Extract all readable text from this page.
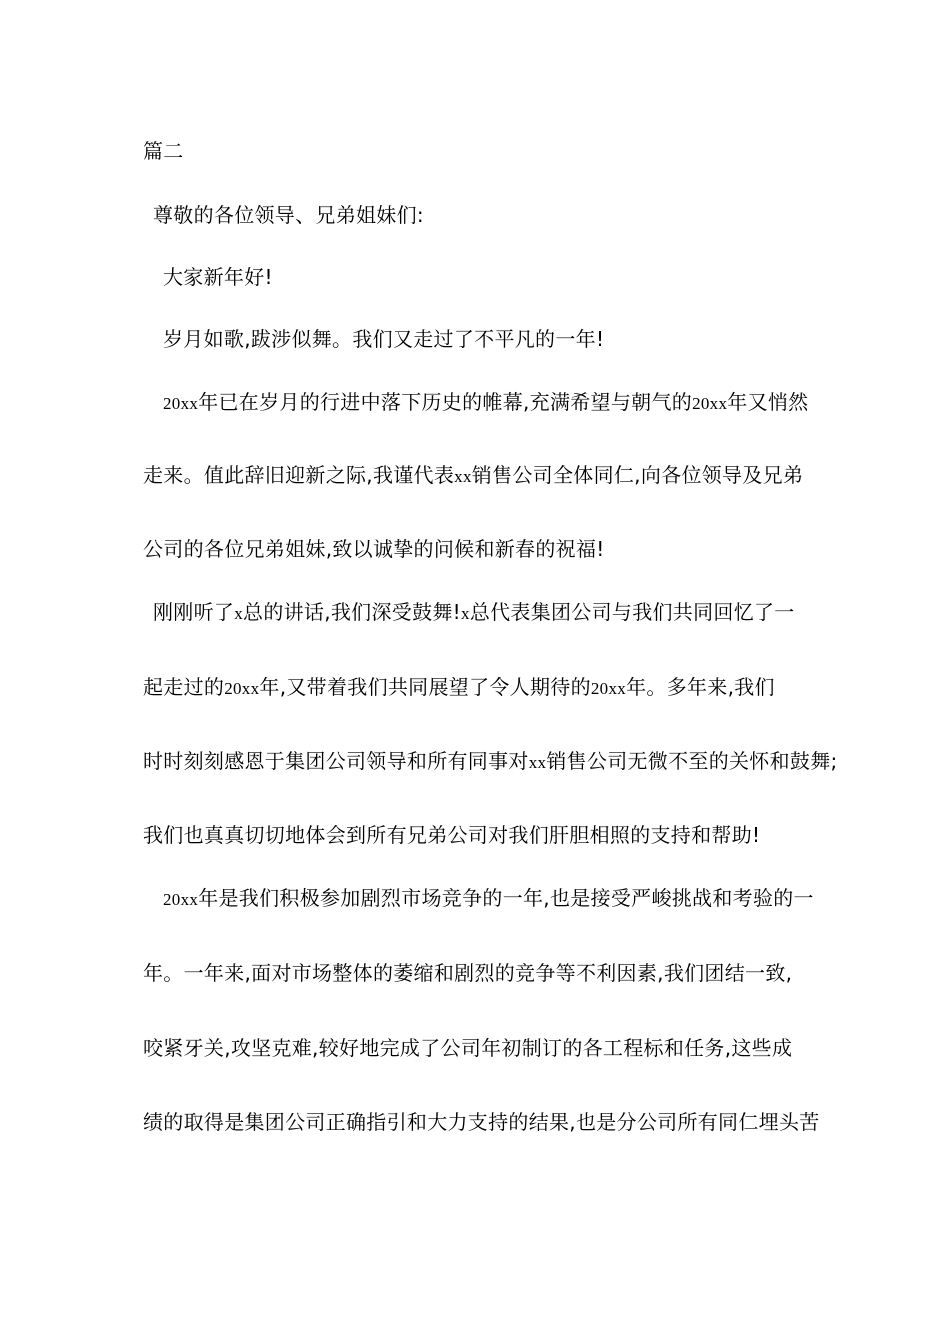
篇二
尊敬的各位领导、兄弟姐妹们:
大家新年好!
岁月如歌,跋涉似舞。我们又走过了不平凡的一年!
20xx年已在岁月的行进中落下历史的帷幕,充满希望与朝气的20xx年又悄然
走来。值此辞旧迎新之际,我谨代表xx销售公司全体同仁,向各位领导及兄弟
公司的各位兄弟姐妹,致以诚挚的问候和新春的祝福!
刚刚听了x总的讲话,我们深受鼓舞!x总代表集团公司与我们共同回忆了一
起走过的20xx年,又带着我们共同展望了令人期待的20xx年。多年来,我们
时时刻刻感恩于集团公司领导和所有同事对xx销售公司无微不至的关怀和鼓舞;
我们也真真切切地体会到所有兄弟公司对我们肝胆相照的支持和帮助!
20xx年是我们积极参加剧烈市场竞争的一年,也是接受严峻挑战和考验的一
年。一年来,面对市场整体的萎缩和剧烈的竞争等不利因素,我们团结一致,
咬紧牙关,攻坚克难,较好地完成了公司年初制订的各工程标和任务,这些成
绩的取得是集团公司正确指引和大力支持的结果,也是分公司所有同仁埋头苦
